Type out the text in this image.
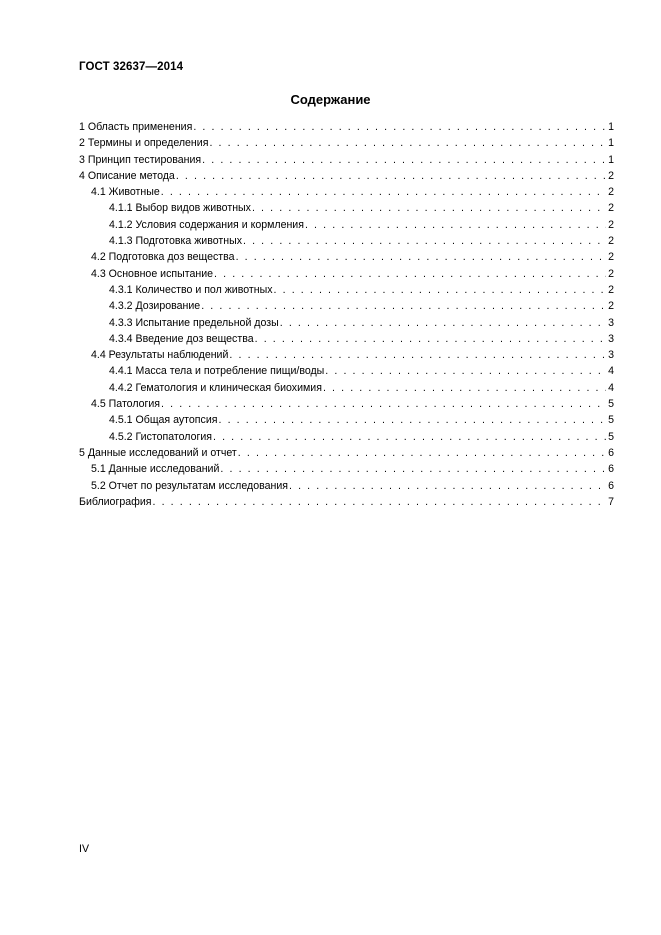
ГОСТ 32637—2014
Содержание
1 Область применения . . .	1
2 Термины и определения . . .	1
3 Принцип тестирования . . .	1
4 Описание метода . . .	2
4.1 Животные . . .	2
4.1.1 Выбор видов животных . . .	2
4.1.2 Условия содержания и кормления . . .	2
4.1.3 Подготовка животных . . .	2
4.2 Подготовка доз вещества . . .	2
4.3 Основное испытание . . .	2
4.3.1 Количество и пол животных . . .	2
4.3.2 Дозирование . . .	2
4.3.3 Испытание предельной дозы . . .	3
4.3.4 Введение доз вещества . . .	3
4.4 Результаты наблюдений . . .	3
4.4.1 Масса тела и потребление пищи/воды . . .	4
4.4.2 Гематология и клиническая биохимия . . .	4
4.5 Патология . . .	5
4.5.1 Общая аутопсия . . .	5
4.5.2 Гистопатология . . .	5
5 Данные исследований и отчет . . .	6
5.1 Данные исследований . . .	6
5.2 Отчет по результатам исследования . . .	6
Библиография . . .	7
IV
